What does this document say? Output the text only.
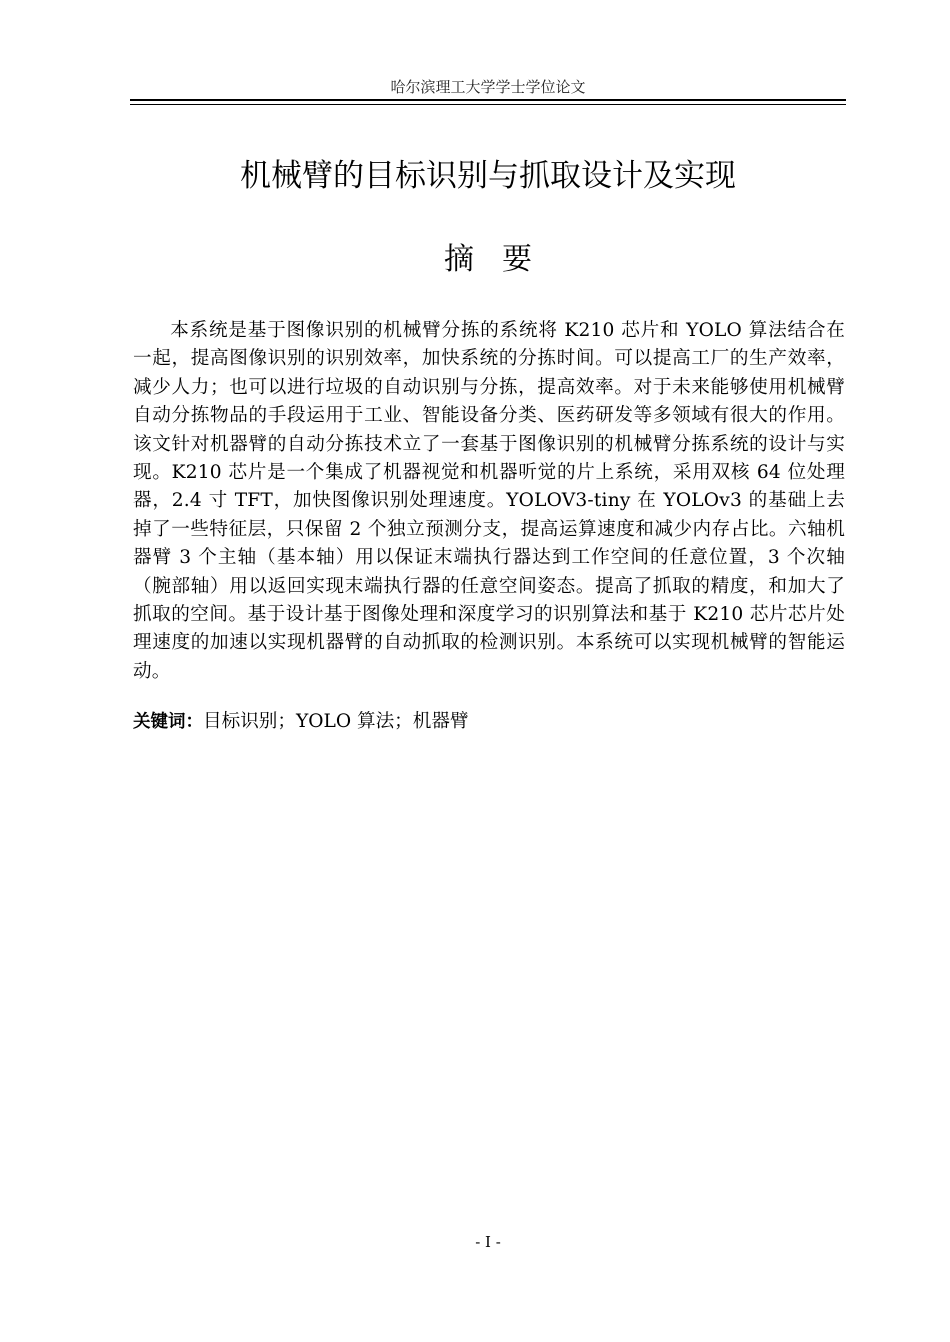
哈尔滨理工大学学士学位论文
机械臂的目标识别与抓取设计及实现
摘要

本系统是基于图像识别的机械臂分拣的系统将 K210 芯片和 YOLO 算法结合在一起，提高图像识别的识别效率，加快系统的分拣时间。可以提高工厂的生产效率，减少人力；也可以进行垃圾的自动识别与分拣，提高效率。对于未来能够使用机械臂自动分拣物品的手段运用于工业、智能设备分类、医药研发等多领域有很大的作用。该文针对机器臂的自动分拣技术立了一套基于图像识别的机械臂分拣系统的设计与实现。K210 芯片是一个集成了机器视觉和机器听觉的片上系统，采用双核 64 位处理器，2.4 寸 TFT，加快图像识别处理速度。YOLOV3-tiny 在 YOLOv3 的基础上去掉了一些特征层，只保留 2 个独立预测分支，提高运算速度和减少内存占比。六轴机器臂 3 个主轴（基本轴）用以保证末端执行器达到工作空间的任意位置，3 个次轴（腕部轴）用以返回实现末端执行器的任意空间姿态。提高了抓取的精度，和加大了抓取的空间。基于设计基于图像处理和深度学习的识别算法和基于 K210 芯片芯片处理速度的加速以实现机器臂的自动抓取的检测识别。本系统可以实现机械臂的智能运动。

关键词：目标识别；YOLO 算法；机器臂
- I -
